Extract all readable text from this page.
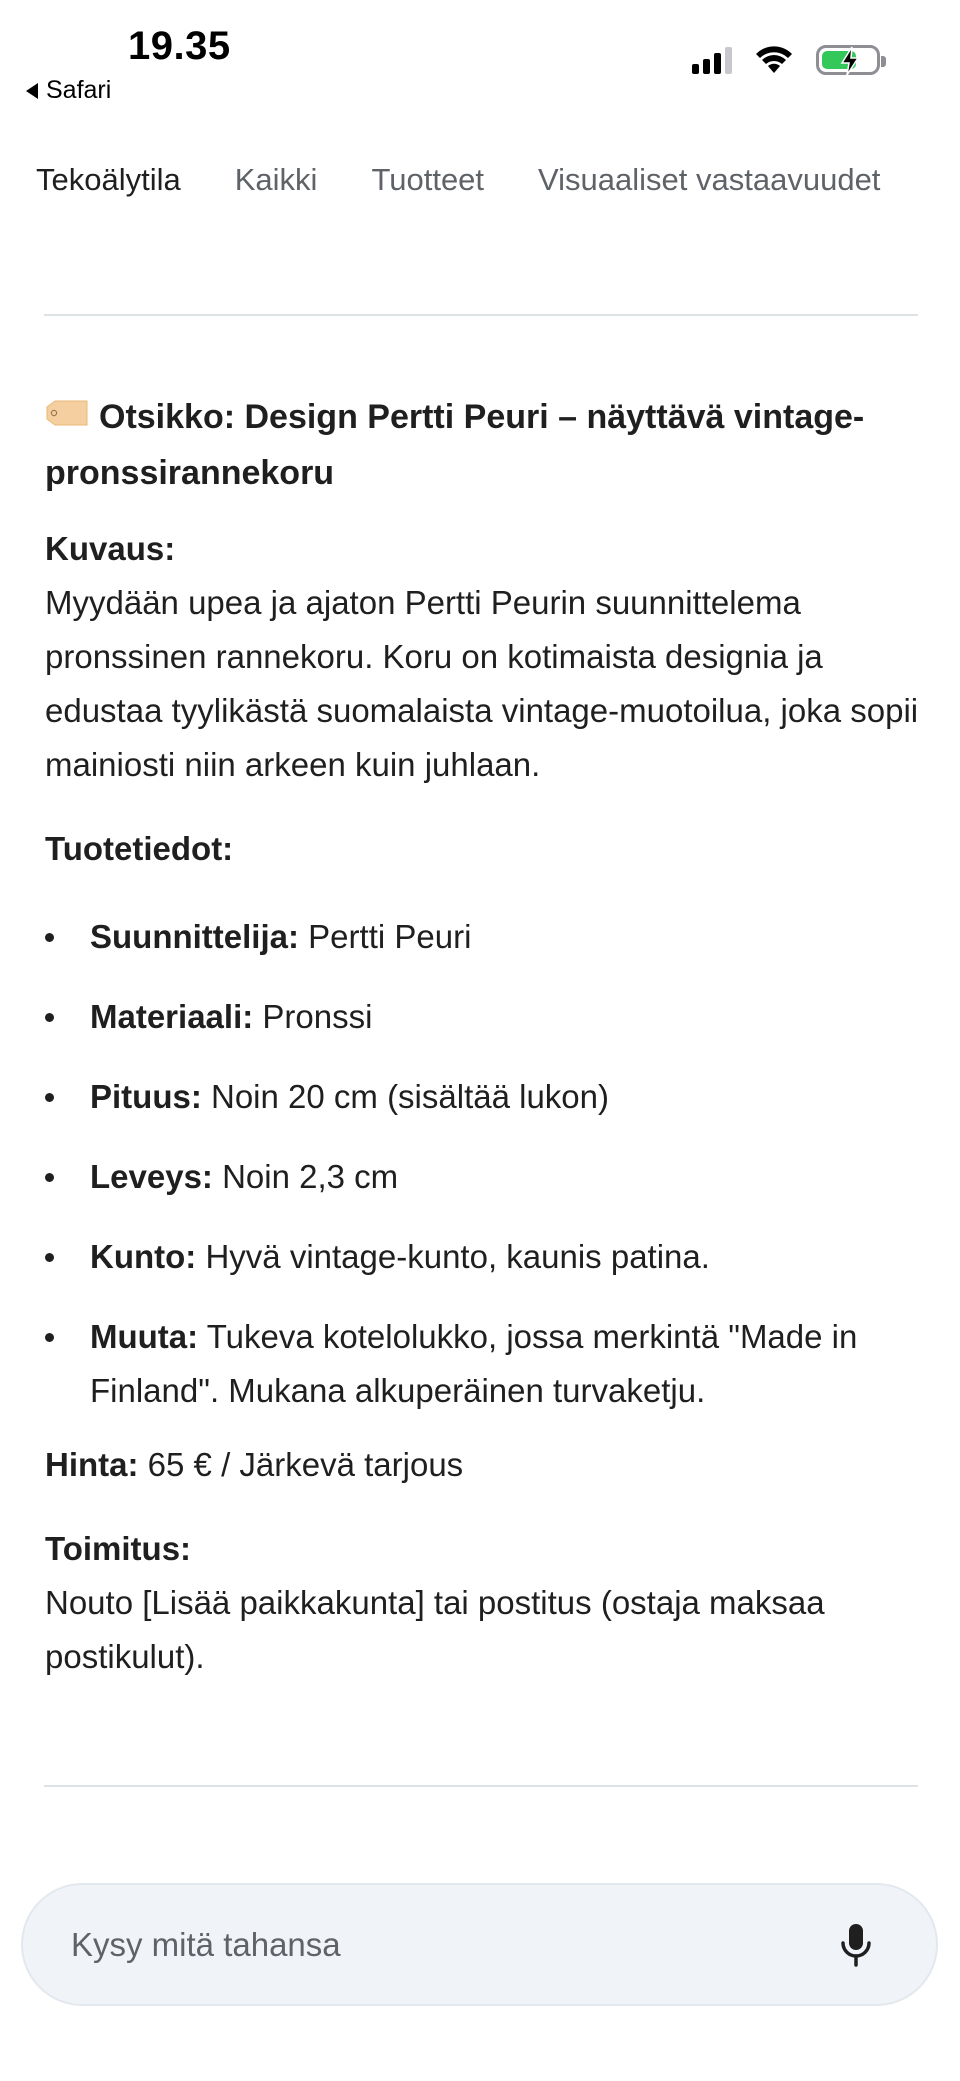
19.35
Safari
Tekoälytila Kaikki Tuotteet Visuaaliset vastaavuudet

Otsikko: Design Pertti Peuri – näyttävä vintage-pronssirannekoru

Kuvaus:

Myydään upea ja ajaton Pertti Peurin suunnittelema pronssinen rannekoru. Koru on kotimaista designia ja edustaa tyylikästä suomalaista vintage-muotoilua, joka sopii mainiosti niin arkeen kuin juhlaan.

Tuotetiedot:

Suunnittelija: Pertti Peuri
Materiaali: Pronssi
Pituus: Noin 20 cm (sisältää lukon)
Leveys: Noin 2,3 cm
Kunto: Hyvä vintage-kunto, kaunis patina.
Muuta: Tukeva kotelolukko, jossa merkintä "Made in Finland". Mukana alkuperäinen turvaketju.

Hinta: 65 € / Järkevä tarjous

Toimitus:

Nouto [Lisää paikkakunta] tai postitus (ostaja maksaa postikulut).

Kysy mitä tahansa
